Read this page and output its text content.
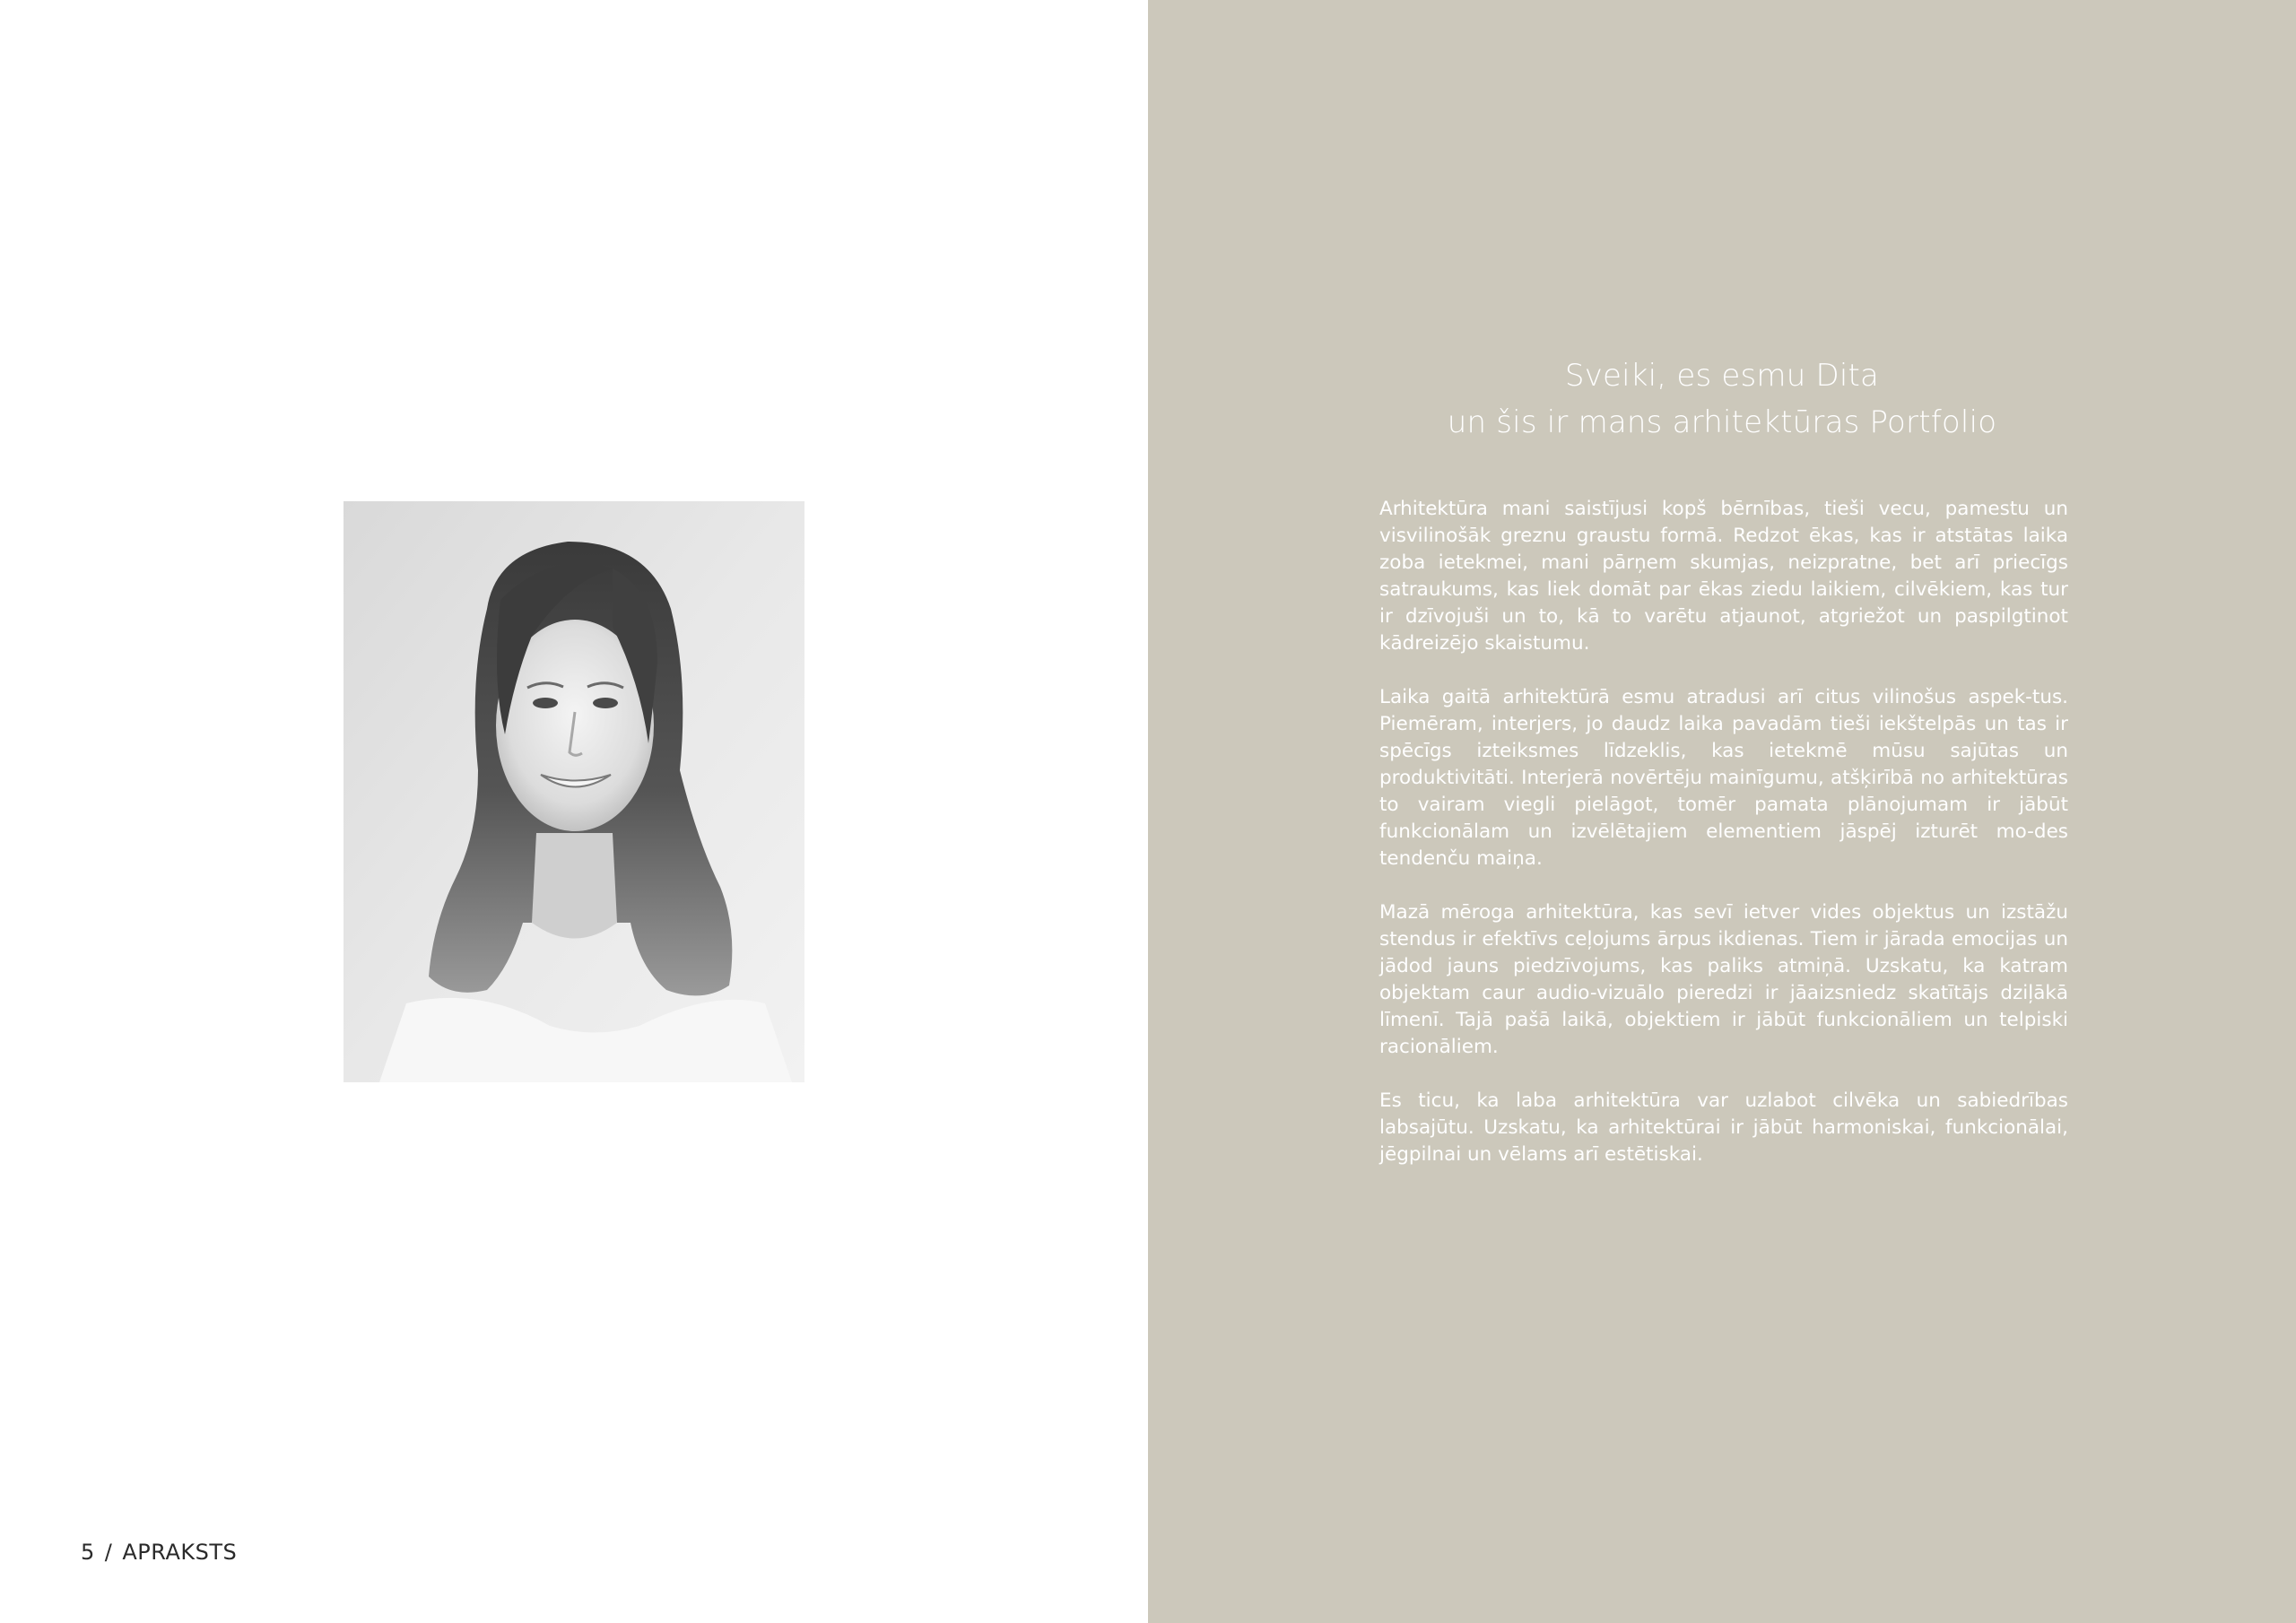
Sveiki, es esmu Dita
un šis ir mans arhitektūras Portfolio

Arhitektūra mani saistījusi kopš bērnības, tieši vecu, pamestu un visvilinošāk greznu graustu formā. Redzot ēkas, kas ir atstātas laika zoba ietekmei, mani pārņem skumjas, neizpratne, bet arī priecīgs satraukums, kas liek domāt par ēkas ziedu laikiem, cilvēkiem, kas tur ir dzīvojuši un to, kā to varētu atjaunot, atgriežot un paspilgtinot kādreizējo skaistumu.

Laika gaitā arhitektūrā esmu atradusi arī citus vilinošus aspek-tus. Piemēram, interjers, jo daudz laika pavadām tieši iekštelpās un tas ir spēcīgs izteiksmes līdzeklis, kas ietekmē mūsu sajūtas un produktivitāti. Interjerā novērtēju mainīgumu, atšķirībā no arhitektūras to vairam viegli pielāgot, tomēr pamata plānojumam ir jābūt funkcionālam un izvēlētajiem elementiem jāspēj izturēt mo-des tendenču maiņa.

Mazā mēroga arhitektūra, kas sevī ietver vides objektus un izstāžu stendus ir efektīvs ceļojums ārpus ikdienas. Tiem ir jārada emocijas un jādod jauns piedzīvojums, kas paliks atmiņā. Uzskatu, ka katram objektam caur audio-vizuālo pieredzi ir jāaizsniedz skatītājs dziļākā līmenī. Tajā pašā laikā, objektiem ir jābūt funkcionāliem un telpiski racionāliem.

Es ticu, ka laba arhitektūra var uzlabot cilvēka un sabiedrības labsajūtu. Uzskatu, ka arhitektūrai ir jābūt harmoniskai, funkcionālai, jēgpilnai un vēlams arī estētiskai.

5 / APRAKSTS
